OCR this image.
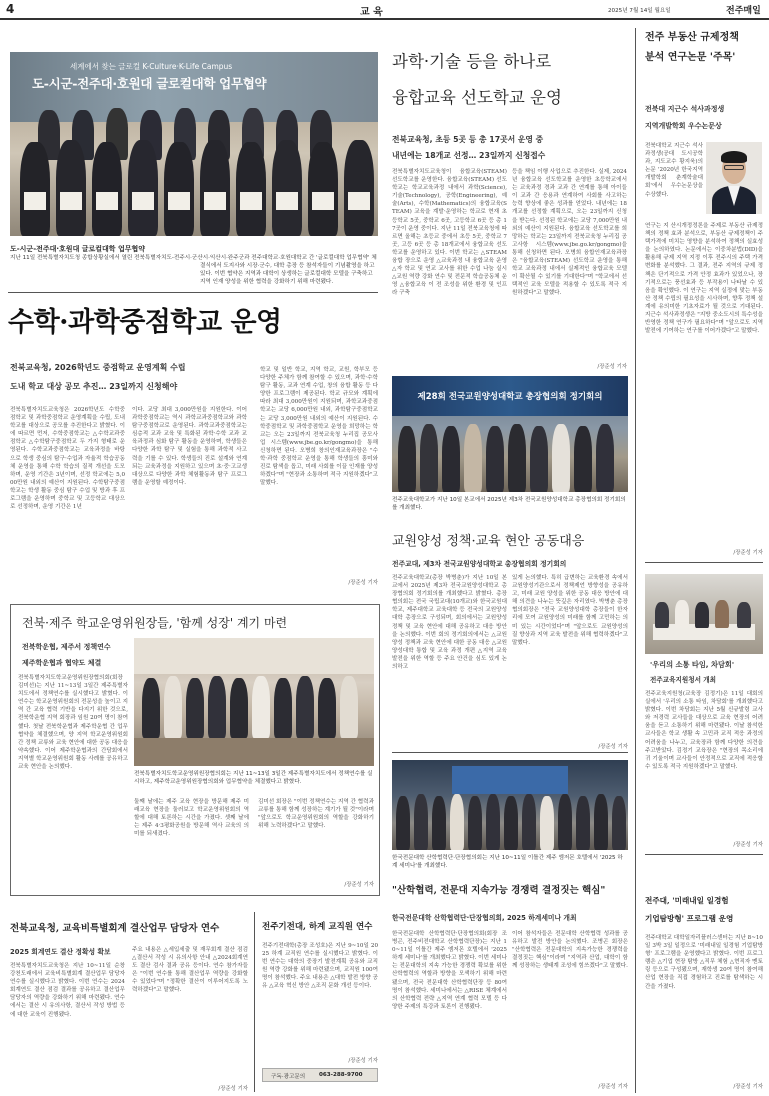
4	교 육	2025년 7월 14일 월요일	전주매일
세계에서 찾는 글로컬 K-Culture·K-Life Campus
도-시군-전주대·호원대 글로컬대학 업무협약
도-시군-전주대·호원대 글로컬대학 업무협약
지난 11일 전북특별자치도청 종합상황실에서 열린 전북특별자치도-전주시·군산시·익산시·완주군과 전주대학교·호원대학교 간 '글로컬대학 업무협약' 체결식에서 도지사와 시장·군수, 대학 총장 등 참석자들이 기념촬영을 하고 있다. 이번 협약은 지역과 대학이 상생하는 글로컬대학 모델을 구축하고 지역 인재 양성을 위한 협력을 강화하기 위해 마련됐다.
과학·기술 등을 하나로
융합교육 선도학교 운영
전북교육청, 초등 5곳 등 총 17곳서 운영 중
내년에는 18개교 선정… 23일까지 신청접수
전북특별자치도교육청이 융합교육(STEAM) 선도학교를 운영한다. 융합교육(STEAM) 선도학교는 학교교육과정 내에서 과학(Science), 기술(Technology), 공학(Engineering), 예술(Arts), 수학(Mathematics)의 융합교육(STEAM) 교육을 계발·운영하는 학교로 현재 초등학교 5곳, 중학교 6곳, 고등학교 6곳 등 총 17곳이 운영 중이다. 지난 11일 전북교육청에 따르면 올해는 초등교 중에서 초등 5곳, 중학교 7곳, 고등 6곳 등 총 18개교에서 융합교육 선도학교를 운영하고 있다. 이번 학교는 △STEAM 융합 장으로 운영 △교육과정 내 융합교육 운영 △자 학교 및 연교 교사를 위한 수업 나눔 실시 △교원 역량 강화 연수 및 전문적 학습공동체 운영 △융합교육 이 전 조성을 위한 환경 및 인프라 구축
등을 책임 이행 사업으로 추진한다. 실제, 2024년 융합교육 선도학교를 운영한 초등학교에서는 교육과정 경과 교과 간 연계를 통해 아이들이 교과 간 응용과 연계하여 사회를 사고하는 능력 향상에 좋은 성과를 얻었다. 내년에는 18개교를 선정할 계획으로, 오는 23일까지 신청을 받는다. 선정된 학교에는 교당 7,000만원 내외의 예산이 지원된다. 융합교육 선도학교를 희망하는 학교는 23일까지 전북교육청 누리집 공고사항 시스템(www.jbe.go.kr/gongmo)을 통해 신청하면 된다. 오병희 융합인재교육과장은 "융합교육(STEAM) 선도학교 운영을 통해 학교 교육과정 내에서 실제적인 융합교육 모델이 확산될 수 있기를 기대한다"며 "학교에서 선택적인 교육 모델을 적용할 수 있도록 적극 지원하겠다"고 말했다.
/장준성 기자
전주 부동산 규제정책
분석 연구논문 '주목'
전북대 지근수 석사과정생
지역개발학회 우수논문상
전북대학교 지근수 석사과정생(공대 도시공학과, 지도교수 황지욱)의 논문 '2020년 한국지역개발학회 춘계학술대회'에서 우수논문상을 수상했다.
연구는 지 산시개정정론을 주제로 부동산 규제정책의 정책 효과 분석으로, 부동산 규제정책이 주택가격에 미치는 영향을 분석하여 정책의 실효성을 논의하였다. 논문에서는 이중차분법(DID)을 활용해 규제 지역 지정 이후 전주시의 주택 가격 변화를 분석했다. 그 결과, 전주 지역의 규제 정책은 단기적으로 가격 안정 효과가 있었으나, 장기적으로는 풍선효과 등 부작용이 나타날 수 있음을 확인했다. 이 연구는 지역 실정에 맞는 부동산 정책 수립의 필요성을 시사하며, 향후 정책 설계에 유의미한 기초자료가 될 것으로 기대된다. 지근수 석사과정생은 "지방 중소도시의 특수성을 반영한 정책 연구가 필요하다"며 "앞으로도 지역 발전에 기여하는 연구를 이어가겠다"고 말했다.
/장준성 기자
수학·과학중점학교 운영
전북교육청, 2026학년도 중점학교 운영계획 수립
도내 학교 대상 공모 추진… 23일까지 신청해야
전북특별자치도교육청은 2026학년도 수학중점학교 및 과학중점학교 운영계획을 수립, 도내 학교를 대상으로 공모를 추진한다고 밝혔다. 이에 따르면 먼저, 수학중점학교는 △수학교과중점학교 △수학탐구중점학교 두 가지 형태로 운영된다. 수학교과중점학교는 교육과정을 바탕으로 학생 중심의 탐구·수업과 자율적 학습공동체 운영을 통해 수학 학습의 질적 개선을 도모하며, 운영 기간은 3년이며, 선정 학교에는 5,000만원 내외의 예산이 지원된다. 수학탐구중점학교는 학생 활동 중심 탐구 수업 및 방과 후 프로그램을 운영하며 중학교 및 고등학교 대상으로 선정하며, 운영 기간은 1년
이다. 교당 최대 3,000만원을 지원한다. 이어 과학중점학교는 역시 과학교과중점학교와 과학탐구중점학교로 운영된다. 과학교과중점학교는 심층적 교과 교육 및 특화된 과학·수학 교과 교육과정과 심화 탐구 활동을 운영하며, 학생들은 다양한 과학 탐구 및 실험을 통해 과학적 사고력을 기를 수 있다. 학생들의 진로 설계와 연계되는 교육과정을 지원하고 있으며 초·중·고교생 대상으로 다양한 과학 체험활동과 탐구 프로그램을 운영할 예정이다.
학교 및 일반 학교, 지역 학교, 교원, 학부모 등 다양한 주체가 함께 참여할 수 있으며, 과학·수학 탐구 활동, 교과 연계 수업, 창의 융합 활동 등 다양한 프로그램이 제공된다. 학교 규모와 계획에 따라 최대 3,000만원이 지원되며, 과학교과중점학교는 교당 6,000만원 내외, 과학탐구중점학교는 교당 3,000만원 내외의 예산이 지원된다. 수학중점학교 및 과학중점학교 운영을 희망하는 학교는 오는 23일까지 전북교육청 누리집 공모사업 시스템(www.jbe.go.kr/gongmo)을 통해 신청하면 된다. 오병희 창의인재교육과장은 "수학·과학 중점학교 운영을 통해 학생들의 흥미와 진로 탐색을 돕고, 미래 사회를 이끌 인재를 양성하겠다"며 "현장과 소통하며 적극 지원하겠다"고 말했다.
/장준성 기자
제28회 전국교원양성대학교 총장협의회 정기회의
전주교육대학교가 지난 10일 본교에서 2025년 제3차 전국교원양성대학교 총장협의회 정기회의를 개최했다.
교원양성 정책·교육 현안 공동대응
전주교대, 제3차 전국교원양성대학교 총장협의회 정기회의
전주교육대학교(총장 박병춘)가 지난 10일 본교에서 2025년 제3차 전국교원양성대학교 총장협의회 정기회의를 개최했다고 밝혔다. 총장협의회는 전국 국립교대(10개교)와 한국교원대학교, 제주대학교 교육대학 등 전국의 교원양성 대학 총장으로 구성되며, 회의에서는 교원양성 정책 및 교육 현안에 대해 공유하고 대응 방안을 논의했다. 이번 회의 정기회의에서는 △교원 양성 정책과 교육 현안에 대한 공동 대응 △교원양성대학 통합 및 교육 과정 개편 △지역 교육 발전을 위한 역할 등 주요 안건을 심도 있게 논의하고
있게 논의했다. 특히 급변하는 교육환경 속에서 교원양성기관으로서 정책제언 방향성을 공유하고, 미래 교원 양성을 위한 공동 대응 방안에 대해 의견을 나누는 뜻깊은 자리였다. 박병춘 총장협의회장은 "전국 교원양성대학 총장들이 한자리에 모여 교원양성의 미래를 함께 고민하는 의미 있는 시간이었다"며 "앞으로도 교원양성의 질 향상과 지역 교육 발전을 위해 협력하겠다"고 말했다.
/장준성 기자
'우리의 소통 타임, 차담회'
전주교육지원청서 개최
전주교육지원청(교육장 김정기)은 11일 대회의실에서 '우리의 소통 타임, 차담회'를 개최했다고 밝혔다. 이번 차담회는 지난 5월 신규발령 교사와 저경력 교사들을 대상으로 교육 현장의 어려움을 듣고 소통하기 위해 마련됐다. 이날 참석한 교사들은 학교 생활 속 고민과 교직 적응 과정의 어려움을 나누고, 교육장과 함께 다양한 의견을 주고받았다. 김정기 교육장은 "현장의 목소리에 귀 기울이며 교사들이 안정적으로 교직에 적응할 수 있도록 적극 지원하겠다"고 말했다.
/장준성 기자
전북·제주 학교운영위원장들, '함께 성장' 계기 마련
전북학운협, 제주서 정책연수
제주학운협과 협약도 체결
전북특별자치도학교운영위원장협의회(회장 김미선)는 지난 11~13일 3일간 제주특별자치도에서 정책연수를 실시했다고 밝혔다. 이 연수는 학교운영위원회의 전문성을 높이고 지역 간 교육 협력 기반을 다지기 위한 것으로, 전북학운협 지역 회장과 임원 20여 명이 참여했다. 첫날 전북학운협과 제주학운협 간 업무협약을 체결했으며, 양 지역 학교운영위원회 간 정책 교류와 교육 현안에 대한 공동 대응을 약속했다. 이어 제주학운협과의 간담회에서 지역별 학교운영위원회 활동 사례를 공유하고 교육 현안을 논의했다.
전북특별자치도학교운영위원장협의회는 지난 11~13일 3일간 제주특별자치도에서 정책연수를 실시하고, 제주학교운영위원장협의회와 업무협약을 체결했다고 밝혔다.
둘째 날에는 제주 교육 현장을 방문해 제주 미래교육 현장을 둘러보고 학교운영위원회의 역할에 대해 토론하는 시간을 가졌다. 셋째 날에는 제주 4·3평화공원을 방문해 역사 교육의 의미를 되새겼다.
김미선 회장은 "이번 정책연수는 지역 간 협력과 교류를 통해 함께 성장하는 계기가 될 것"이라며 "앞으로도 학교운영위원회의 역할을 강화하기 위해 노력하겠다"고 말했다.
/장준성 기자
한국전문대학 산학협력단·단장협의회는 지난 10~11일 이틀간 제주 엠저몬 호텔에서 '2025 하계 세미나'를 개최했다.
"산학협력, 전문대 지속가능 경쟁력 결정짓는 핵심"
한국전문대학 산학협력단·단장협의회, 2025 하계세미나 개최
한국전문대학 산학협력단·단장협의회(회장 조병곤, 전주비전대학교 산학협력단장)는 지난 10~11일 이틀간 제주 엠저몬 호텔에서 '2025 하계 세미나'를 개최했다고 밝혔다. 이번 세미나는 전문대학의 지속 가능한 경쟁력 확보를 위한 산학협력의 역할과 방향을 모색하기 위해 마련됐으며, 전국 전문대학 산학협력단장 등 80여 명이 참석했다. 세미나에서는 △RISE 체계에서의 산학협력 전략 △지역 연계 협력 모델 등 다양한 주제의 특강과 토론이 진행됐다.
이어 참석자들은 전문대학 산학협력 성과를 공유하고 발전 방안을 논의했다. 조병곤 회장은 "산학협력은 전문대학의 지속가능한 경쟁력을 결정짓는 핵심"이라며 "지역과 산업, 대학이 함께 성장하는 생태계 조성에 힘쓰겠다"고 말했다.
/장준성 기자
전북교육청, 교육비특별회계 결산업무 담당자 연수
2025 회계연도 결산 정확성 확보
전북특별자치도교육청은 지난 10~11일 순창 강천도래에서 교육비특별회계 결산업무 담당자 연수를 실시했다고 밝혔다. 이번 연수는 2024회계연도 결산 점검 결과를 공유하고 결산업무 담당자의 역량을 강화하기 위해 마련됐다. 연수에서는 결산 시 유의사항, 결산서 작성 방법 등에 대한 교육이 진행됐다.
주요 내용은 △세입세출 및 재무회계 결산 점검 △결산서 작성 시 유의사항 안내 △2024회계연도 결산 검사 결과 공유 등이다. 연수 참가자들은 "이번 연수를 통해 결산업무 역량을 강화할 수 있었다"며 "정확한 결산이 이루어지도록 노력하겠다"고 말했다.
/장준성 기자
전주기전대, 하계 교직원 연수
전주기전대학(총장 조성호)은 지난 9~10일 2025 하계 교직원 연수를 실시했다고 밝혔다. 이번 연수는 대학의 중장기 발전계획 공유와 교직원 역량 강화를 위해 마련됐으며, 교직원 100여 명이 참석했다. 주요 내용은 △대학 발전 방향 공유 △교육 혁신 방안 △조직 문화 개선 등이다.
/장준성 기자
구독·광고문의 063-288-9700
전주대, '미래내일 일경험
기업탐방형' 프로그램 운영
전주대학교 대학일자리플러스센터는 지난 8~10일 3박 3일 일정으로 '미래내일 일경험 기업탐방형' 프로그램을 운영했다고 밝혔다. 이번 프로그램은 △기업 현장 탐방 △직무 체험 △현직자 멘토링 등으로 구성됐으며, 재학생 20여 명이 참여해 산업 현장을 직접 경험하고 진로를 탐색하는 시간을 가졌다.
/장준성 기자
